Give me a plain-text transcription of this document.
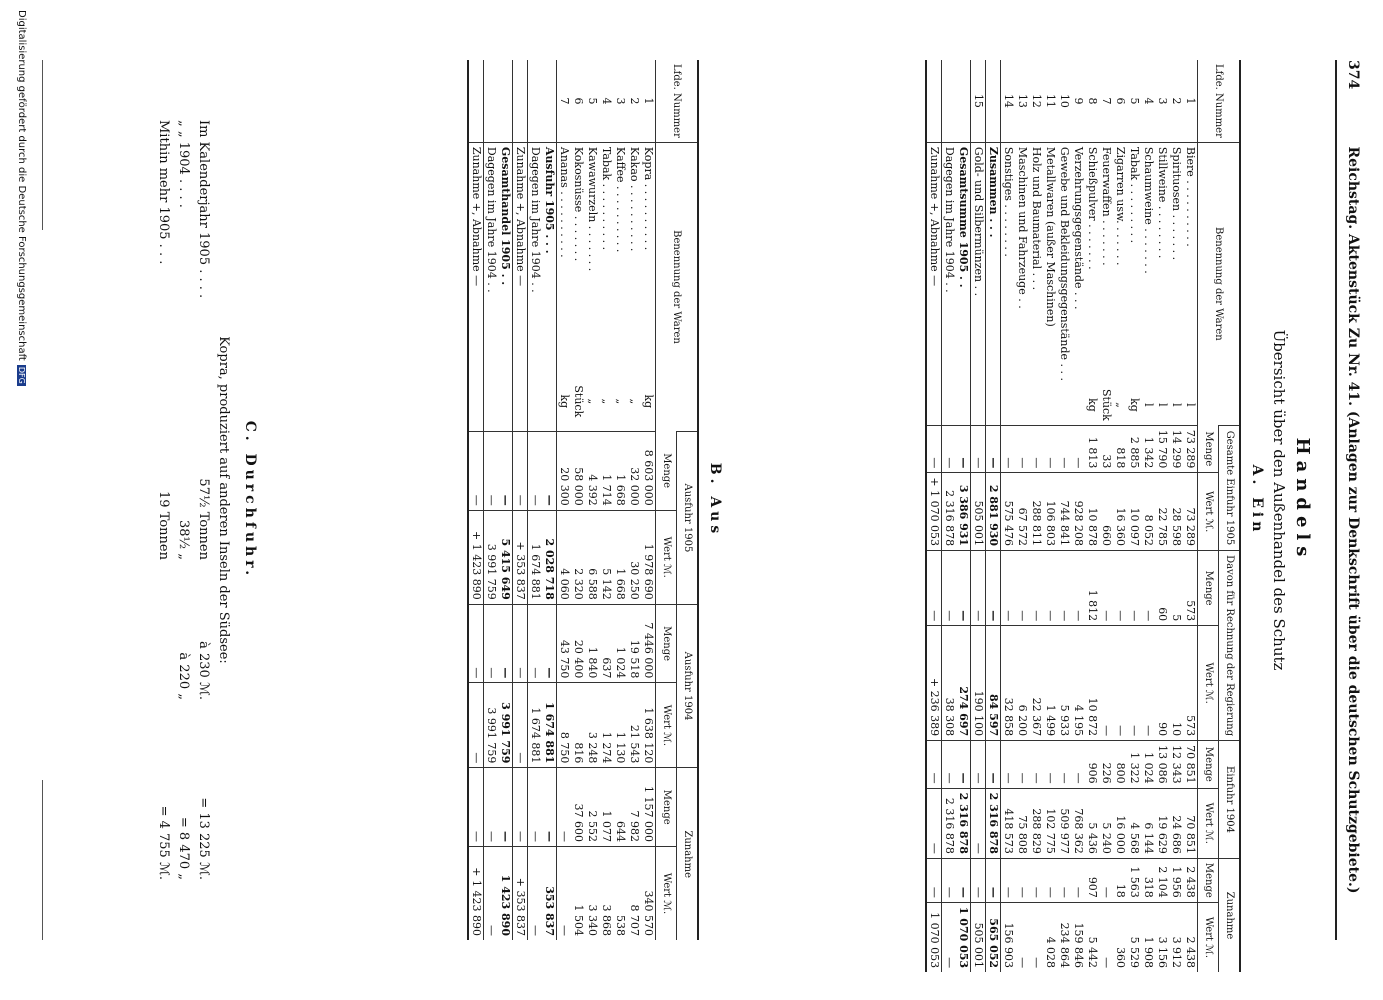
374
Reichstag. Aktenstück Zu Nr. 41. (Anlagen zur Denkschrift über die deutschen Schutzgebiete.)
Handels
Übersicht über den Außenhandel des Schutz
A. Ein
Lfde. Nummer	Benennung der Waren		Gesamte Einfuhr 1905		Davon für Rechnung der Regierung		Einfuhr 1904		Zunahme	
			Menge	Wert ℳ.	Menge	Wert ℳ.	Menge	Wert ℳ.	Menge	Wert ℳ.
1	Biere . . . . . . . . . .	l	73 289	73 289	573	573	70 851	70 851	2 438	2 438
2	Spirituosen . . . . . . .	l	14 299	28 598	5	10	12 343	24 686	1 956	3 912
3	Stillweine . . . . . . . .	l	15 790	22 785	60	90	13 086	19 629	2 104	3 156
4	Schaumweine . . . . . . .	l	1 342	8 052	—	—	1 024	6 144	318	1 908
5	Tabak . . . . . . . . .	kg	2 885	10 097	—	—	1 322	4 568	1 563	5 529
6	Zigarren usw. . . . . . .	„	818	16 360	—	—	800	16 000	18	360
7	Feuerwaffen . . . . . . .	Stück	33	660	—	—	226	5 240	—	—
8	Schießpulver . . . . . . .	kg	1 813	10 878	1 812	10 872	906	5 436	907	5 442
9	Verzehrungsgegenstände . . .		—	928 208	—	4 195	—	768 362	—	159 846
10	Gewebe und Bekleidungsgegenstände . . .		—	744 841	—	5 933	—	509 977	—	234 864
11	Metallwaren (außer Maschinen)		—	106 803	—	1 499	—	102 775	—	4 028
12	Holz und Baumaterial . . .		—	288 811	—	22 367	—	288 829	—	—
13	Maschinen und Fahrzeuge . .		—	67 572	—	6 200	—	75 808	—	—
14	Sonstiges . . . . . . . .		—	575 476	—	32 858	—	418 573	—	156 903
	Zusammen . . .		—	2 881 930	—	84 597	—	2 316 878	—	565 052
15	Gold- und Silbermünzen . .		—	505 001	—	190 100	—	—	—	505 001
	Gesamtsumme 1905 . .		—	3 386 931	—	274 697	—	2 316 878	—	1 070 053
	Dagegen im Jahre 1904 . .		—	2 316 878	—	38 308	—	2 316 878	—	—
	Zunahme +, Abnahme —		—	+ 1 070 053	—	+ 236 389	—	—	—	1 070 053
B. Aus
Lfde. Nummer	Benennung der Waren		Ausfuhr 1905		Ausfuhr 1904		Zunahme	
			Menge	Wert ℳ.	Menge	Wert ℳ.	Menge	Wert ℳ.
1	Kopra . . . . . . . . . .	kg	8 603 000	1 978 690	7 446 000	1 638 120	1 157 000	340 570
2	Kakao . . . . . . . . . .	„	32 000	30 250	19 518	21 543	7 982	8 707
3	Kaffee . . . . . . . . . .	„	1 668	1 668	1 024	1 130	644	538
4	Tabak . . . . . . . . . .	„	1 714	5 142	637	1 274	1 077	3 868
5	Kawawurzeln . . . . . . .	„	4 392	6 588	1 840	3 248	2 552	3 340
6	Kokosnüsse . . . . . . .	Stück	58 000	2 320	20 400	816	37 600	1 504
7	Ananas . . . . . . . . . .	kg	20 300	4 060	43 750	8 750	—	—
	Ausfuhr 1905 . . .		—	2 028 718	—	1 674 881	—	353 837
	Dagegen im Jahre 1904 . .		—	1 674 881	—	1 674 881	—	—
	Zunahme +, Abnahme —		—	+ 353 837	—	—	—	+ 353 837
	Gesamthandel 1905 . .		—	5 415 649	—	3 991 759	—	1 423 890
	Dagegen im Jahre 1904 . .		—	3 991 759	—	3 991 759	—	—
	Zunahme +, Abnahme —		—	+ 1 423 890	—	—	—	+ 1 423 890
C. Durchfuhr.
Kopra, produziert auf anderen Inseln der Südsee:
Im Kalenderjahr 1905 . . . .
57½ Tonnen
à 230 ℳ.
= 13 225 ℳ.
„ „ 1904 . . . .
38½ „
à 220 „
= 8 470 „
Mithin mehr 1905 . . .
19 Tonnen
= 4 755 ℳ.
Digitalisierung gefördert durch die Deutsche ForschungsgemeinschaftDFG
